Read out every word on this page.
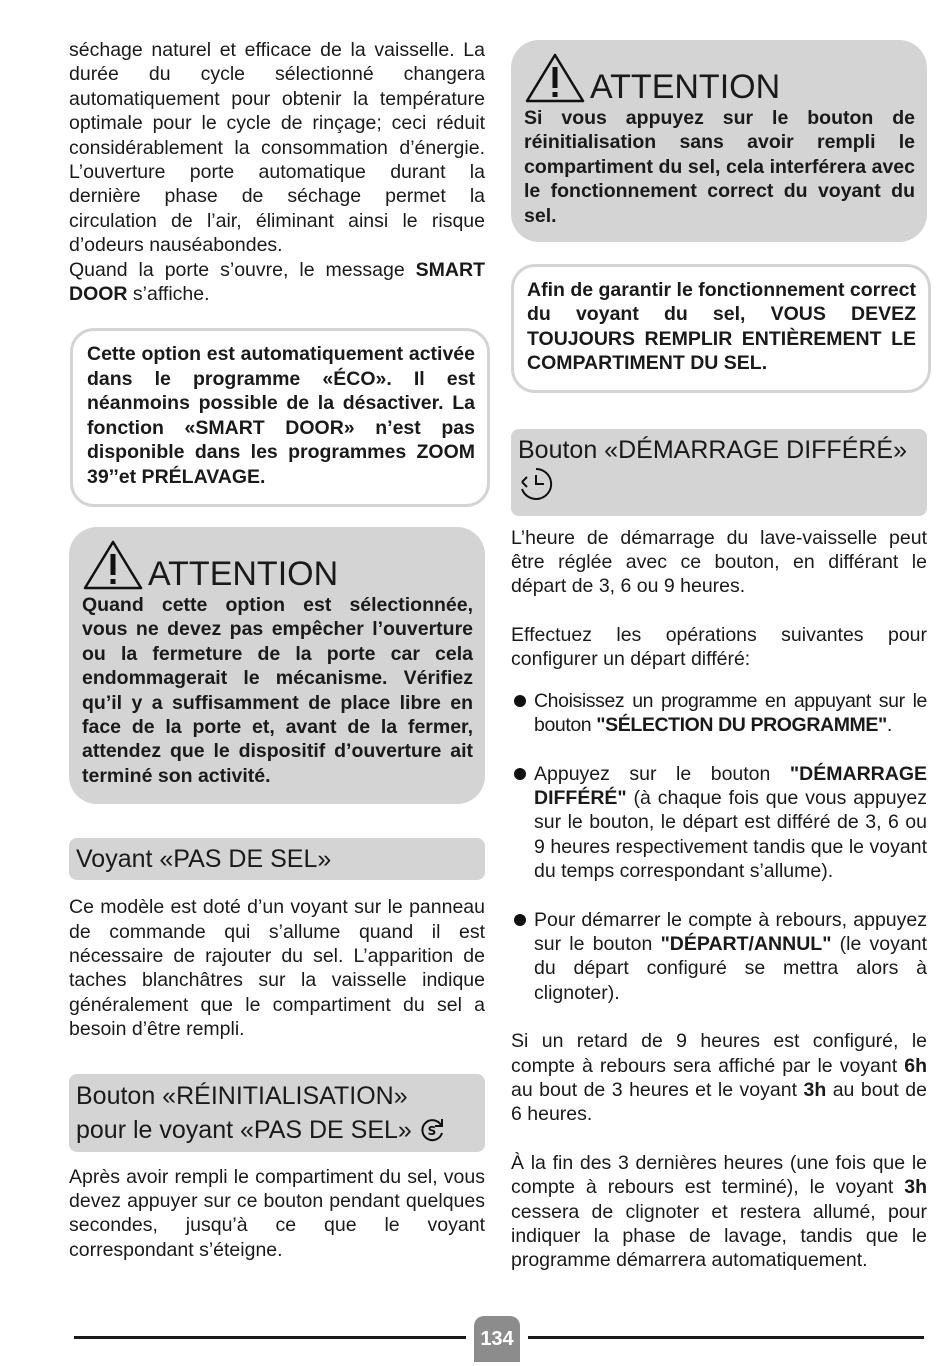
séchage naturel et efficace de la vaisselle. La durée du cycle sélectionné changera automatiquement pour obtenir la température optimale pour le cycle de rinçage; ceci réduit considérablement la consommation d’énergie. L’ouverture porte automatique durant la dernière phase de séchage permet la circulation de l’air, éliminant ainsi le risque d’odeurs nauséabondes.
Quand la porte s’ouvre, le message SMART DOOR s’affiche.

Cette option est automatiquement activée dans le programme «ÉCO». Il est néanmoins possible de la désactiver. La fonction «SMART DOOR» n’est pas disponible dans les programmes ZOOM 39’’et PRÉLAVAGE.

ATTENTION

Quand cette option est sélectionnée, vous ne devez pas empêcher l’ouverture ou la fermeture de la porte car cela endommagerait le mécanisme. Vérifiez qu’il y a suffisamment de place libre en face de la porte et, avant de la fermer, attendez que le dispositif d’ouverture ait terminé son activité.

Voyant «PAS DE SEL»

Ce modèle est doté d’un voyant sur le panneau de commande qui s’allume quand il est nécessaire de rajouter du sel. L’apparition de taches blanchâtres sur la vaisselle indique généralement que le compartiment du sel a besoin d’être rempli.

Bouton «RÉINITIALISATION»
pour le voyant «PAS DE SEL» S

Après avoir rempli le compartiment du sel, vous devez appuyer sur ce bouton pendant quelques secondes, jusqu’à ce que le voyant correspondant s’éteigne.

ATTENTION

Si vous appuyez sur le bouton de réinitialisation sans avoir rempli le compartiment du sel, cela interférera avec le fonctionnement correct du voyant du sel.

Afin de garantir le fonctionnement correct du voyant du sel, VOUS DEVEZ TOUJOURS REMPLIR ENTIÈREMENT LE COMPARTIMENT DU SEL.

Bouton «DÉMARRAGE DIFFÉRÉ»

L’heure de démarrage du lave-vaisselle peut être réglée avec ce bouton, en différant le départ de 3, 6 ou 9 heures.

Effectuez les opérations suivantes pour configurer un départ différé:

Choisissez un programme en appuyant sur le bouton "SÉLECTION DU PROGRAMME".

Appuyez sur le bouton "DÉMARRAGE DIFFÉRÉ" (à chaque fois que vous appuyez sur le bouton, le départ est différé de 3, 6 ou 9 heures respectivement tandis que le voyant du temps correspondant s’allume).

Pour démarrer le compte à rebours, appuyez sur le bouton "DÉPART/ANNUL" (le voyant du départ configuré se mettra alors à clignoter).

Si un retard de 9 heures est configuré, le compte à rebours sera affiché par le voyant 6h au bout de 3 heures et le voyant 3h au bout de 6 heures.

À la fin des 3 dernières heures (une fois que le compte à rebours est terminé), le voyant 3h cessera de clignoter et restera allumé, pour indiquer la phase de lavage, tandis que le programme démarrera automatiquement.

134
